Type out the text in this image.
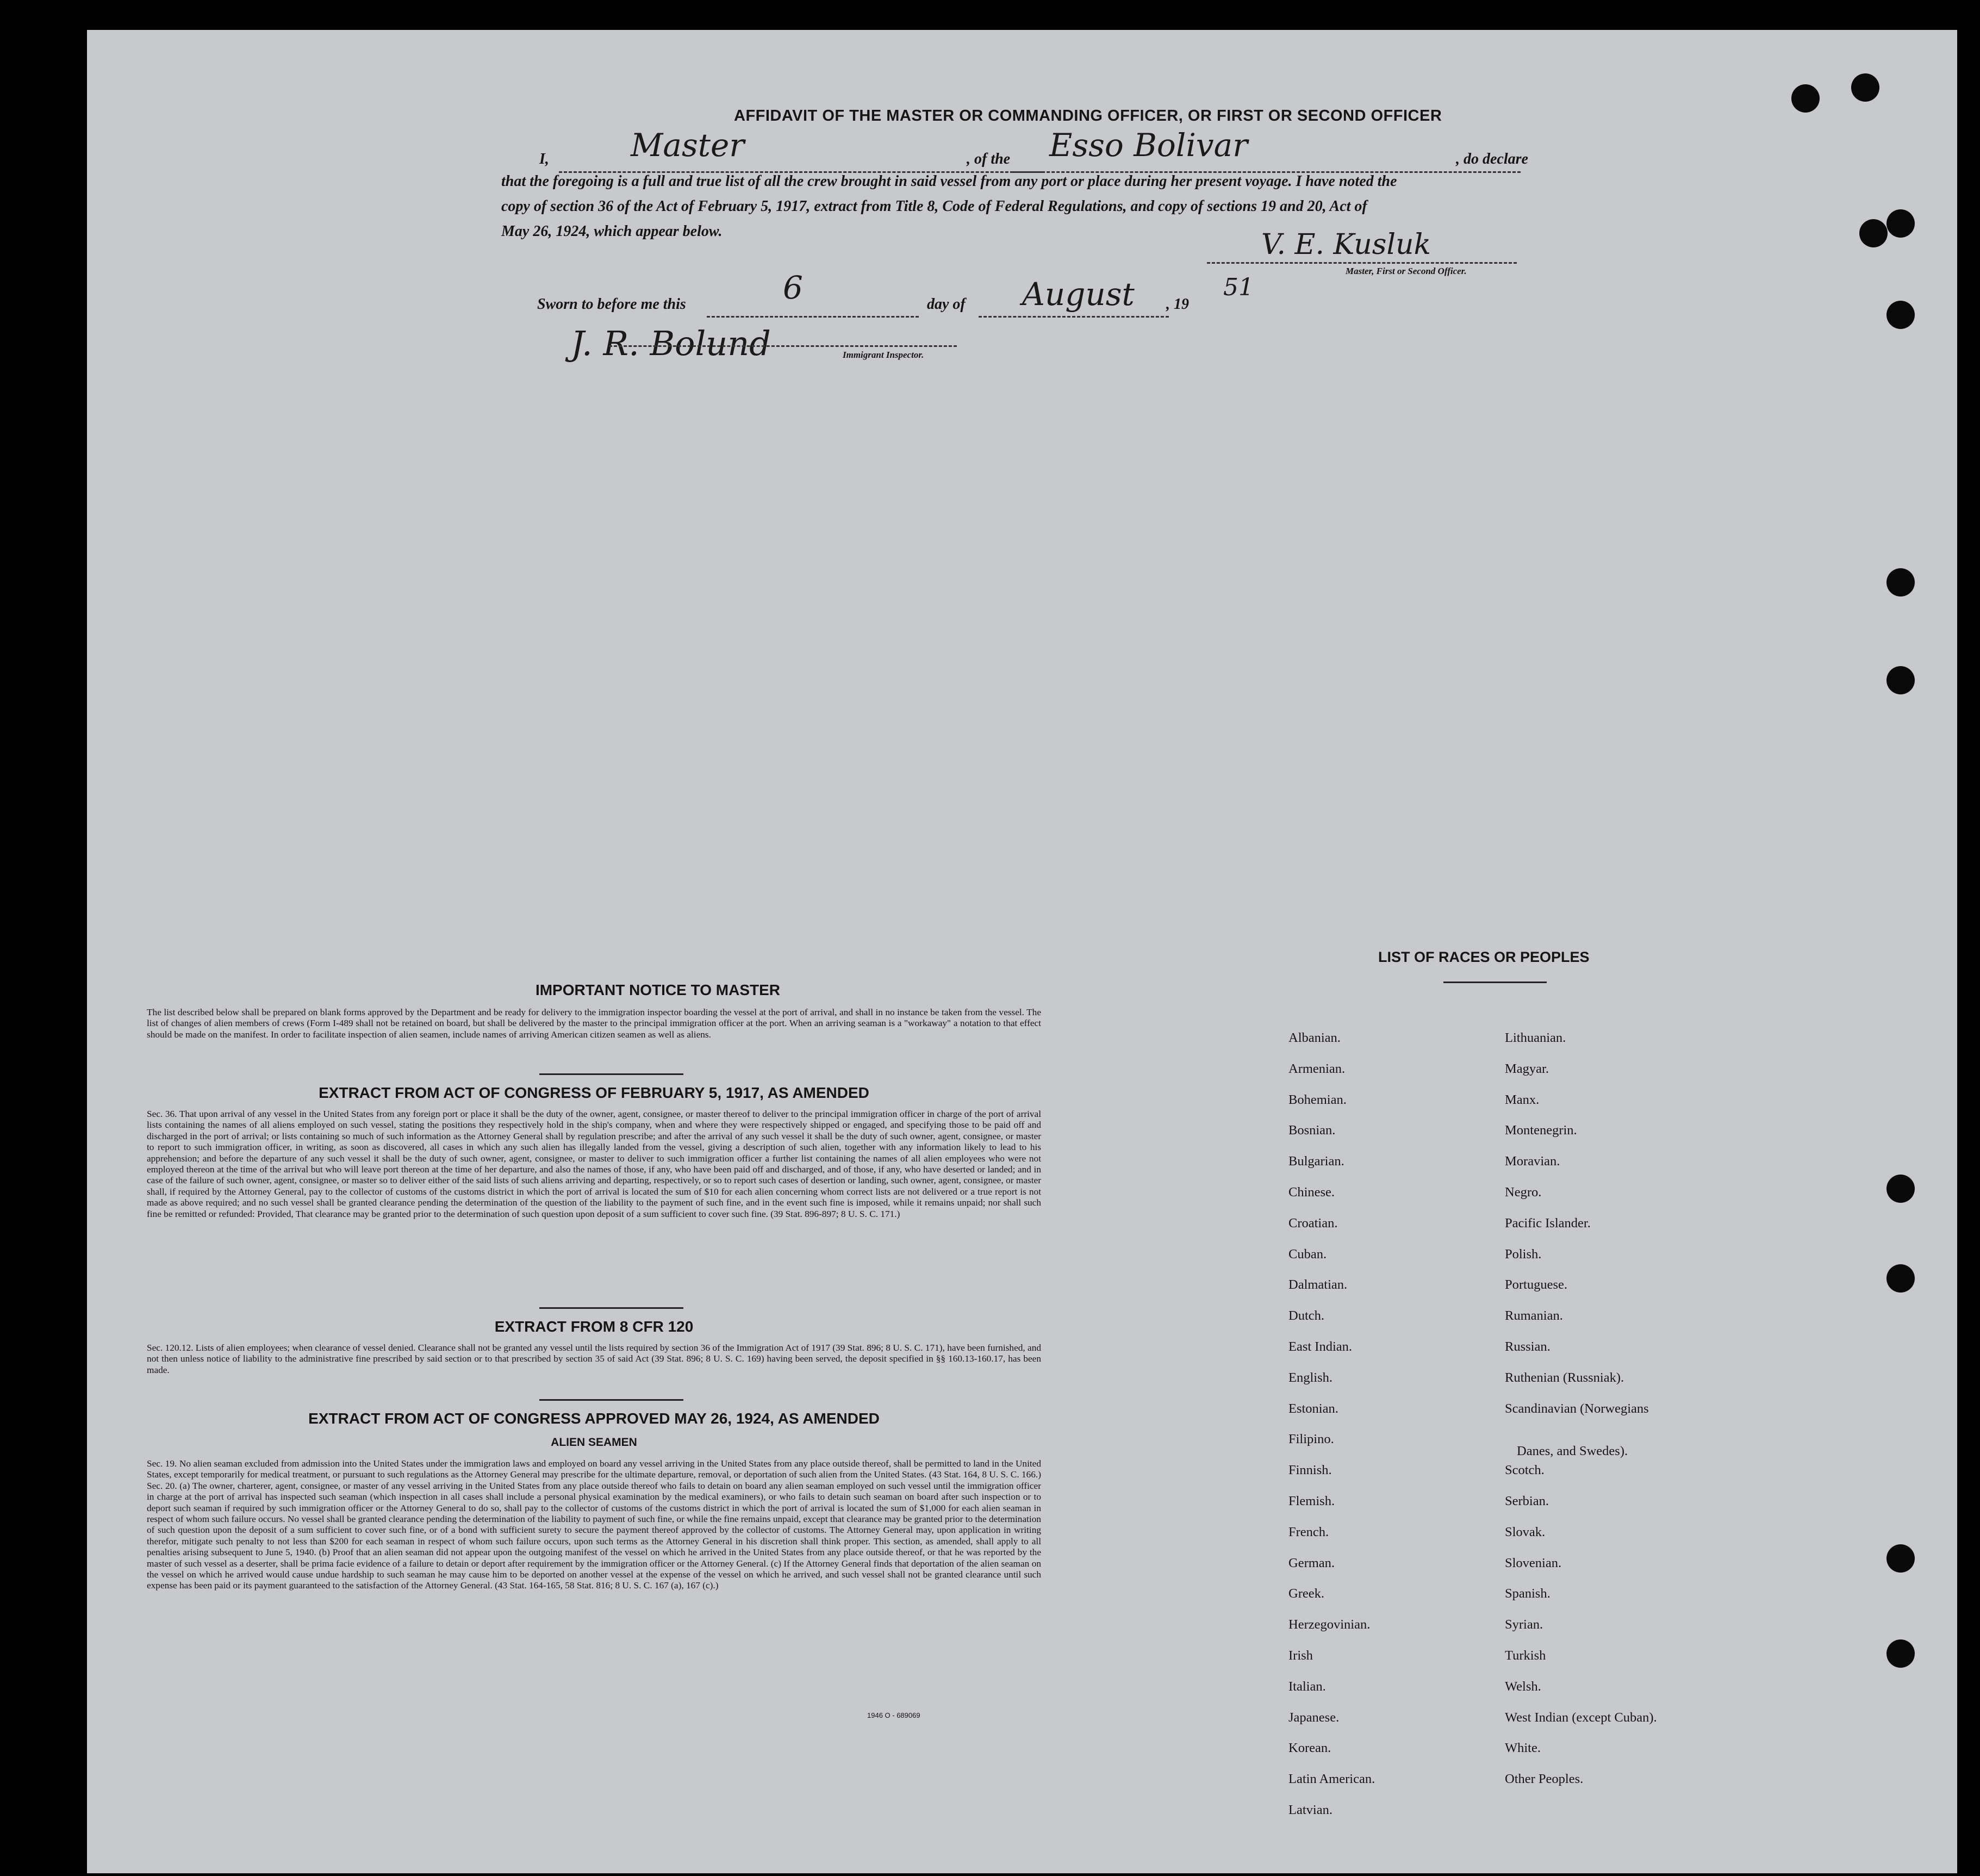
AFFIDAVIT OF THE MASTER OR COMMANDING OFFICER, OR FIRST OR SECOND OFFICER
I,	Master	, of the Esso Bolivar	, do declare
that the foregoing is a full and true list of all the crew brought in said vessel from any port or place during her present voyage. I have noted the
copy of section 36 of the Act of February 5, 1917, extract from Title 8, Code of Federal Regulations, and copy of sections 19 and 20, Act of
May 26, 1924, which appear below.	V. E. Kusluk
Master, First or Second Officer.
Sworn to before me this	6	day of August , 19
51
J. R. Bolund	Immigrant Inspector.
IMPORTANT NOTICE TO MASTER
The list described below shall be prepared on blank forms approved by the Department and be ready for delivery to the immigration inspector boarding the vessel at the port of arrival, and shall in no instance be taken from the vessel. The list of changes of alien members of crews (Form I-489 shall not be retained on board, but shall be delivered by the master to the principal immigration officer at the port. When an arriving seaman is a "workaway" a notation to that effect should be made on the manifest. In order to facilitate inspection of alien seamen, include names of arriving American citizen seamen as well as aliens.
EXTRACT FROM ACT OF CONGRESS OF FEBRUARY 5, 1917, AS AMENDED
Sec. 36. That upon arrival of any vessel in the United States from any foreign port or place it shall be the duty of the owner, agent, consignee, or master thereof to deliver to the principal immigration officer in charge of the port of arrival lists containing the names of all aliens employed on such vessel, stating the positions they respectively hold in the ship's company, when and where they were respectively shipped or engaged, and specifying those to be paid off and discharged in the port of arrival; or lists containing so much of such information as the Attorney General shall by regulation prescribe; and after the arrival of any such vessel it shall be the duty of such owner, agent, consignee, or master to report to such immigration officer, in writing, as soon as discovered, all cases in which any such alien has illegally landed from the vessel, giving a description of such alien, together with any information likely to lead to his apprehension; and before the departure of any such vessel it shall be the duty of such owner, agent, consignee, or master to deliver to such immigration officer a further list containing the names of all alien employees who were not employed thereon at the time of the arrival but who will leave port thereon at the time of her departure, and also the names of those, if any, who have been paid off and discharged, and of those, if any, who have deserted or landed; and in case of the failure of such owner, agent, consignee, or master so to deliver either of the said lists of such aliens arriving and departing, respectively, or so to report such cases of desertion or landing, such owner, agent, consignee, or master shall, if required by the Attorney General, pay to the collector of customs of the customs district in which the port of arrival is located the sum of $10 for each alien concerning whom correct lists are not delivered or a true report is not made as above required; and no such vessel shall be granted clearance pending the determination of the question of the liability to the payment of such fine, and in the event such fine is imposed, while it remains unpaid; nor shall such fine be remitted or refunded: Provided, That clearance may be granted prior to the determination of such question upon deposit of a sum sufficient to cover such fine. (39 Stat. 896-897; 8 U. S. C. 171.)
EXTRACT FROM 8 CFR 120
Sec. 120.12. Lists of alien employees; when clearance of vessel denied. Clearance shall not be granted any vessel until the lists required by section 36 of the Immigration Act of 1917 (39 Stat. 896; 8 U. S. C. 171), have been furnished, and not then unless notice of liability to the administrative fine prescribed by said section or to that prescribed by section 35 of said Act (39 Stat. 896; 8 U. S. C. 169) having been served, the deposit specified in §§ 160.13-160.17, has been made.
EXTRACT FROM ACT OF CONGRESS APPROVED MAY 26, 1924, AS AMENDED
ALIEN SEAMEN
Sec. 19. No alien seaman excluded from admission into the United States under the immigration laws and employed on board any vessel arriving in the United States from any place outside thereof, shall be permitted to land in the United States, except temporarily for medical treatment, or pursuant to such regulations as the Attorney General may prescribe for the ultimate departure, removal, or deportation of such alien from the United States. (43 Stat. 164, 8 U. S. C. 166.) Sec. 20. (a) The owner, charterer, agent, consignee, or master of any vessel arriving in the United States from any place outside thereof who fails to detain on board any alien seaman employed on such vessel until the immigration officer in charge at the port of arrival has inspected such seaman (which inspection in all cases shall include a personal physical examination by the medical examiners), or who fails to detain such seaman on board after such inspection or to deport such seaman if required by such immigration officer or the Attorney General to do so, shall pay to the collector of customs of the customs district in which the port of arrival is located the sum of $1,000 for each alien seaman in respect of whom such failure occurs. No vessel shall be granted clearance pending the determination of the liability to payment of such fine, or while the fine remains unpaid, except that clearance may be granted prior to the determination of such question upon the deposit of a sum sufficient to cover such fine, or of a bond with sufficient surety to secure the payment thereof approved by the collector of customs. The Attorney General may, upon application in writing therefor, mitigate such penalty to not less than $200 for each seaman in respect of whom such failure occurs, upon such terms as the Attorney General in his discretion shall think proper. This section, as amended, shall apply to all penalties arising subsequent to June 5, 1940. (b) Proof that an alien seaman did not appear upon the outgoing manifest of the vessel on which he arrived in the United States from any place outside thereof, or that he was reported by the master of such vessel as a deserter, shall be prima facie evidence of a failure to detain or deport after requirement by the immigration officer or the Attorney General. (c) If the Attorney General finds that deportation of the alien seaman on the vessel on which he arrived would cause undue hardship to such seaman he may cause him to be deported on another vessel at the expense of the vessel on which he arrived, and such vessel shall not be granted clearance until such expense has been paid or its payment guaranteed to the satisfaction of the Attorney General. (43 Stat. 164-165, 58 Stat. 816; 8 U. S. C. 167 (a), 167 (c).)
1946 O - 689069
LIST OF RACES OR PEOPLES
Albanian.
Armenian.
Bohemian.
Bosnian.
Bulgarian.
Chinese.
Croatian.
Cuban.
Dalmatian.
Dutch.
East Indian.
English.
Estonian.
Filipino.
Finnish.
Flemish.
French.
German.
Greek.
Herzegovinian.
Irish
Italian.
Japanese.
Korean.
Latin American.
Latvian.
Lithuanian.
Magyar.
Manx.
Montenegrin.
Moravian.
Negro.
Pacific Islander.
Polish.
Portuguese.
Rumanian.
Russian.
Ruthenian (Russniak).
Scandinavian (Norwegians
Danes, and Swedes).
Scotch.
Serbian.
Slovak.
Slovenian.
Spanish.
Syrian.
Turkish
Welsh.
West Indian (except Cuban).
White.
Other Peoples.
